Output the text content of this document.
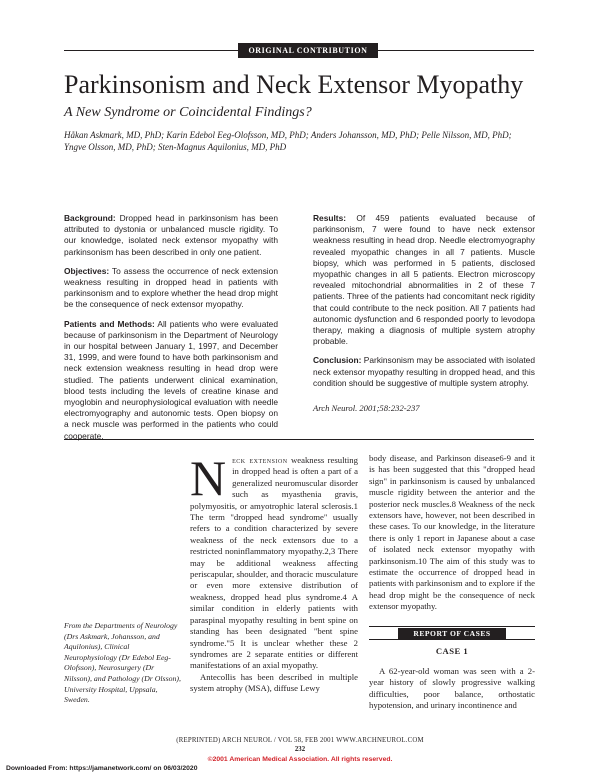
ORIGINAL CONTRIBUTION
Parkinsonism and Neck Extensor Myopathy
A New Syndrome or Coincidental Findings?
Håkan Askmark, MD, PhD; Karin Edebol Eeg-Olofsson, MD, PhD; Anders Johansson, MD, PhD; Pelle Nilsson, MD, PhD; Yngve Olsson, MD, PhD; Sten-Magnus Aquilonius, MD, PhD

Background: Dropped head in parkinsonism has been attributed to dystonia or unbalanced muscle rigidity. To our knowledge, isolated neck extensor myopathy with parkinsonism has been described in only one patient.

Objectives: To assess the occurrence of neck extension weakness resulting in dropped head in patients with parkinsonism and to explore whether the head drop might be the consequence of neck extensor myopathy.

Patients and Methods: All patients who were evaluated because of parkinsonism in the Department of Neurology in our hospital between January 1, 1997, and December 31, 1999, and were found to have both parkinsonism and neck extension weakness resulting in head drop were studied. The patients underwent clinical examination, blood tests including the levels of creatine kinase and myoglobin and neurophysiological evaluation with needle electromyography and autonomic tests. Open biopsy on a neck muscle was performed in the patients who could cooperate.

Results: Of 459 patients evaluated because of parkinsonism, 7 were found to have neck extensor weakness resulting in head drop. Needle electromyography revealed myopathic changes in all 7 patients. Muscle biopsy, which was performed in 5 patients, disclosed myopathic changes in all 5 patients. Electron microscopy revealed mitochondrial abnormalities in 2 of these 7 patients. Three of the patients had concomitant neck rigidity that could contribute to the neck position. All 7 patients had autonomic dysfunction and 6 responded poorly to levodopa therapy, making a diagnosis of multiple system atrophy probable.

Conclusion: Parkinsonism may be associated with isolated neck extensor myopathy resulting in dropped head, and this condition should be suggestive of multiple system atrophy.

Arch Neurol. 2001;58:232-237

From the Departments of Neurology (Drs Askmark, Johansson, and Aquilonius), Clinical Neurophysiology (Dr Edebol Eeg-Olofsson), Neurosurgery (Dr Nilsson), and Pathology (Dr Olsson), University Hospital, Uppsala, Sweden.

Neck extension weakness resulting in dropped head is often a part of a generalized neuromuscular disorder such as myasthenia gravis, polymyositis, or amyotrophic lateral sclerosis.1 The term "dropped head syndrome" usually refers to a condition characterized by severe weakness of the neck extensors due to a restricted noninflammatory myopathy.2,3 There may be additional weakness affecting periscapular, shoulder, and thoracic musculature or even more extensive distribution of weakness, dropped head plus syndrome.4 A similar condition in elderly patients with paraspinal myopathy resulting in bent spine on standing has been designated "bent spine syndrome."5 It is unclear whether these 2 syndromes are 2 separate entities or different manifestations of an axial myopathy.

Antecollis has been described in multiple system atrophy (MSA), diffuse Lewy

body disease, and Parkinson disease6-9 and it is has been suggested that this "dropped head sign" in parkinsonism is caused by unbalanced muscle rigidity between the anterior and the posterior neck muscles.8 Weakness of the neck extensors have, however, not been described in these cases. To our knowledge, in the literature there is only 1 report in Japanese about a case of isolated neck extensor myopathy with parkinsonism.10 The aim of this study was to estimate the occurrence of dropped head in patients with parkinsonism and to explore if the head drop might be the consequence of neck extensor myopathy.

REPORT OF CASES
CASE 1

A 62-year-old woman was seen with a 2-year history of slowly progressive walking difficulties, poor balance, orthostatic hypotension, and urinary incontinence and

(REPRINTED) ARCH NEUROL / VOL 58, FEB 2001 WWW.ARCHNEUROL.COM
232
©2001 American Medical Association. All rights reserved.
Downloaded From: https://jamanetwork.com/ on 06/03/2020
